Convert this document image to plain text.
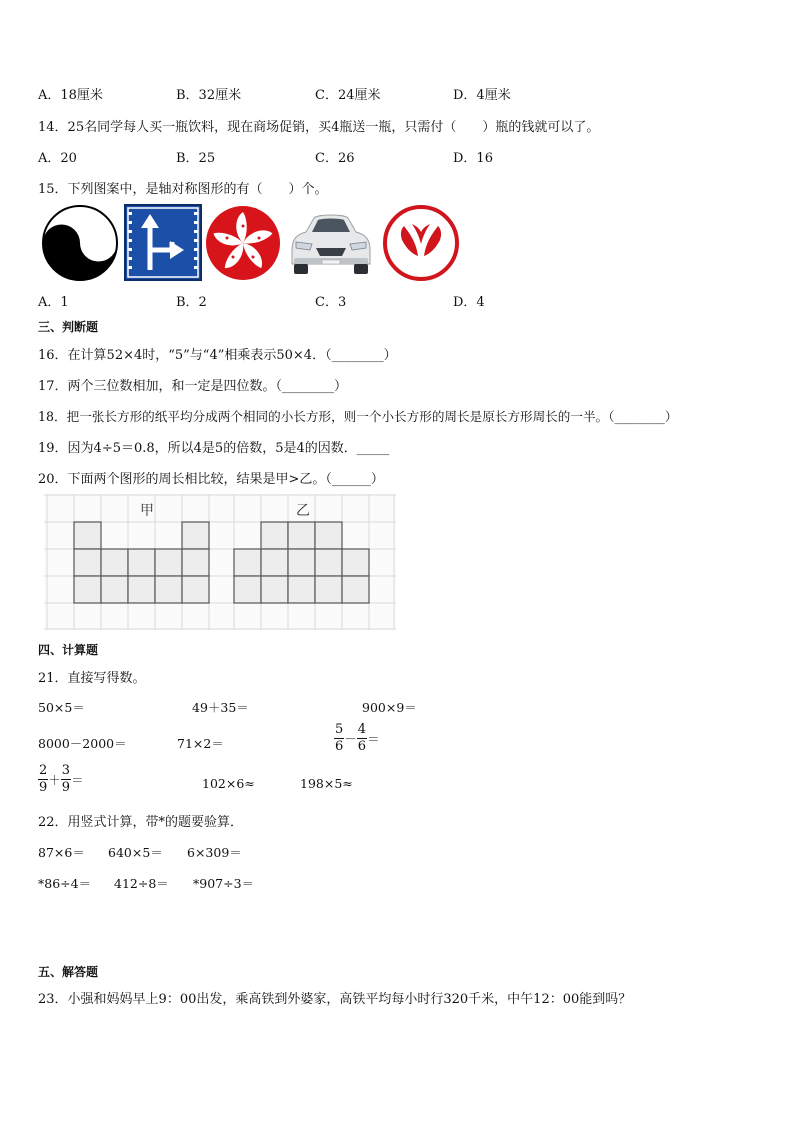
A．18厘米	B．32厘米	C．24厘米	D．4厘米
14．25名同学每人买一瓶饮料，现在商场促销，买4瓶送一瓶，只需付（　　）瓶的钱就可以了。
A．20	B．25	C．26	D．16
15．下列图案中，是轴对称图形的有（　　）个。
A．1	B．2	C．3	D．4
三、判断题
16．在计算52×4时，“5”与“4”相乘表示50×4．（________）
17．两个三位数相加，和一定是四位数。（________）
18．把一张长方形的纸平均分成两个相同的小长方形，则一个小长方形的周长是原长方形周长的一半。（________）
19．因为4÷5＝0.8，所以4是5的倍数，5是4的因数．_____
20．下面两个图形的周长相比较，结果是甲>乙。（______）
甲	乙
四、计算题
21．直接写得数。
50×5＝	49＋35＝	900×9＝
8000－2000＝	71×2＝	$\frac{5}{6} - \frac{4}{6}$ ＝
$\frac{2}{9} + \frac{3}{9}$ ＝	102×6≈	198×5≈
22．用竖式计算，带*的题要验算．
87×6＝ 640×5＝ 6×309＝
*86÷4＝ 412÷8＝ *907÷3＝
五、解答题
23．小强和妈妈早上9：00出发，乘高铁到外婆家，高铁平均每小时行320千米，中午12：00能到吗？
